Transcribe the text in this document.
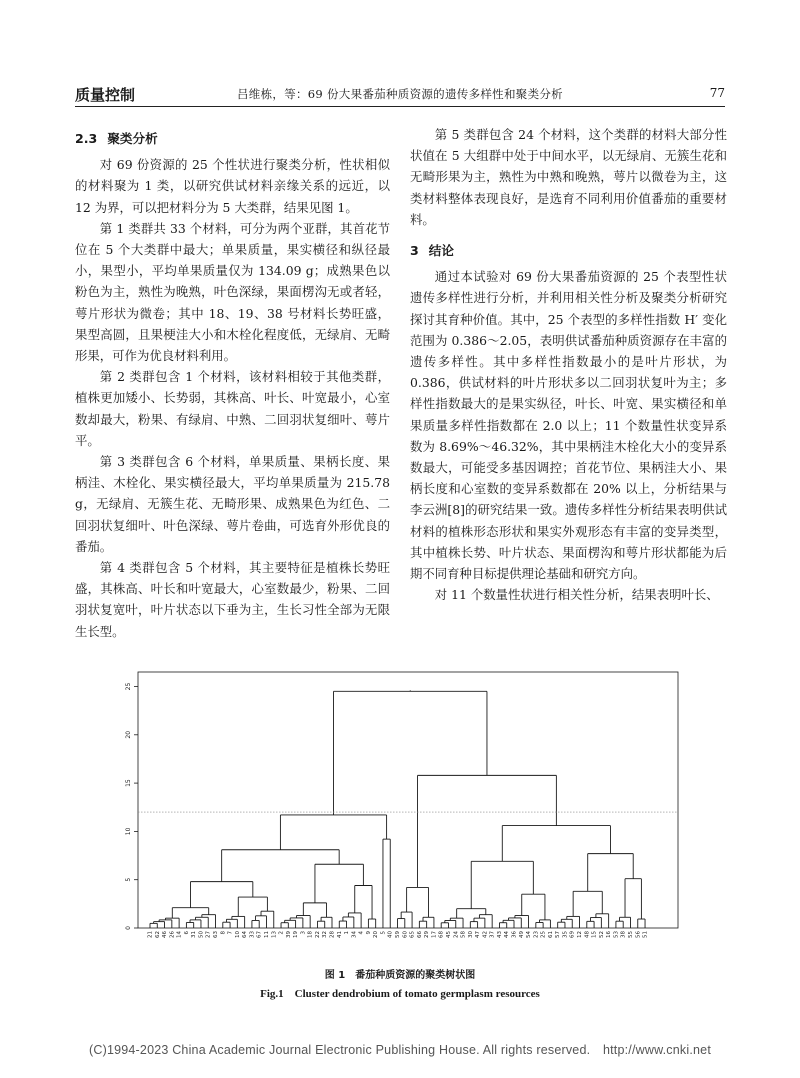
质量控制	吕维栋，等：69 份大果番茄种质资源的遗传多样性和聚类分析	77
2.3 聚类分析

对 69 份资源的 25 个性状进行聚类分析，性状相似的材料聚为 1 类，以研究供试材料亲缘关系的远近，以 12 为界，可以把材料分为 5 大类群，结果见图 1。

第 1 类群共 33 个材料，可分为两个亚群，其首花节位在 5 个大类群中最大；单果质量，果实横径和纵径最小，果型小，平均单果质量仅为 134.09 g；成熟果色以粉色为主，熟性为晚熟，叶色深绿，果面楞沟无或者轻，萼片形状为微卷；其中 18、19、38 号材料长势旺盛，果型高圆，且果梗洼大小和木栓化程度低，无绿肩、无畸形果，可作为优良材料利用。

第 2 类群包含 1 个材料，该材料相较于其他类群，植株更加矮小、长势弱，其株高、叶长、叶宽最小，心室数却最大，粉果、有绿肩、中熟、二回羽状复细叶、萼片平。

第 3 类群包含 6 个材料，单果质量、果柄长度、果柄洼、木栓化、果实横径最大，平均单果质量为 215.78 g，无绿肩、无簇生花、无畸形果、成熟果色为红色、二回羽状复细叶、叶色深绿、萼片卷曲，可选育外形优良的番茄。

第 4 类群包含 5 个材料，其主要特征是植株长势旺盛，其株高、叶长和叶宽最大，心室数最少，粉果、二回羽状复宽叶，叶片状态以下垂为主，生长习性全部为无限生长型。

第 5 类群包含 24 个材料，这个类群的材料大部分性状值在 5 大组群中处于中间水平，以无绿肩、无簇生花和无畸形果为主，熟性为中熟和晚熟，萼片以微卷为主，这类材料整体表现良好，是选育不同利用价值番茄的重要材料。

3 结论

通过本试验对 69 份大果番茄资源的 25 个表型性状遗传多样性进行分析，并利用相关性分析及聚类分析研究探讨其育种价值。其中，25 个表型的多样性指数 H′ 变化范围为 0.386～2.05，表明供试番茄种质资源存在丰富的遗传多样性。其中多样性指数最小的是叶片形状，为 0.386，供试材料的叶片形状多以二回羽状复叶为主；多样性指数最大的是果实纵径，叶长、叶宽、果实横径和单果质量多样性指数都在 2.0 以上；11 个数量性状变异系数为 8.69%～46.32%，其中果柄洼木栓化大小的变异系数最大，可能受多基因调控；首花节位、果柄洼大小、果柄长度和心室数的变异系数都在 20% 以上，分析结果与李云洲[8]的研究结果一致。遗传多样性分析结果表明供试材料的植株形态形状和果实外观形态有丰富的变异类型，其中植株长势、叶片状态、果面楞沟和萼片形状都能为后期不同育种目标提供理论基础和研究方向。

对 11 个数量性状进行相关性分析，结果表明叶长、

0
5
10
15
20
25
21 62 46 26 14 6 31 50 27 63 8 7 10 64 33 67 11 13 2 39 19 3 18 22 32 28 41 1 34 4 9 20 5 40 59 60 65 66 29 17 68 45 24 58 30 47 42 37 43 44 36 49 54 23 25 61 57 35 69 12 48 15 52 16 53 38 55 56 51
图 1　番茄种质资源的聚类树状图
Fig.1　Cluster dendrobium of tomato germplasm resources
(C)1994-2023 China Academic Journal Electronic Publishing House. All rights reserved.　http://www.cnki.net
